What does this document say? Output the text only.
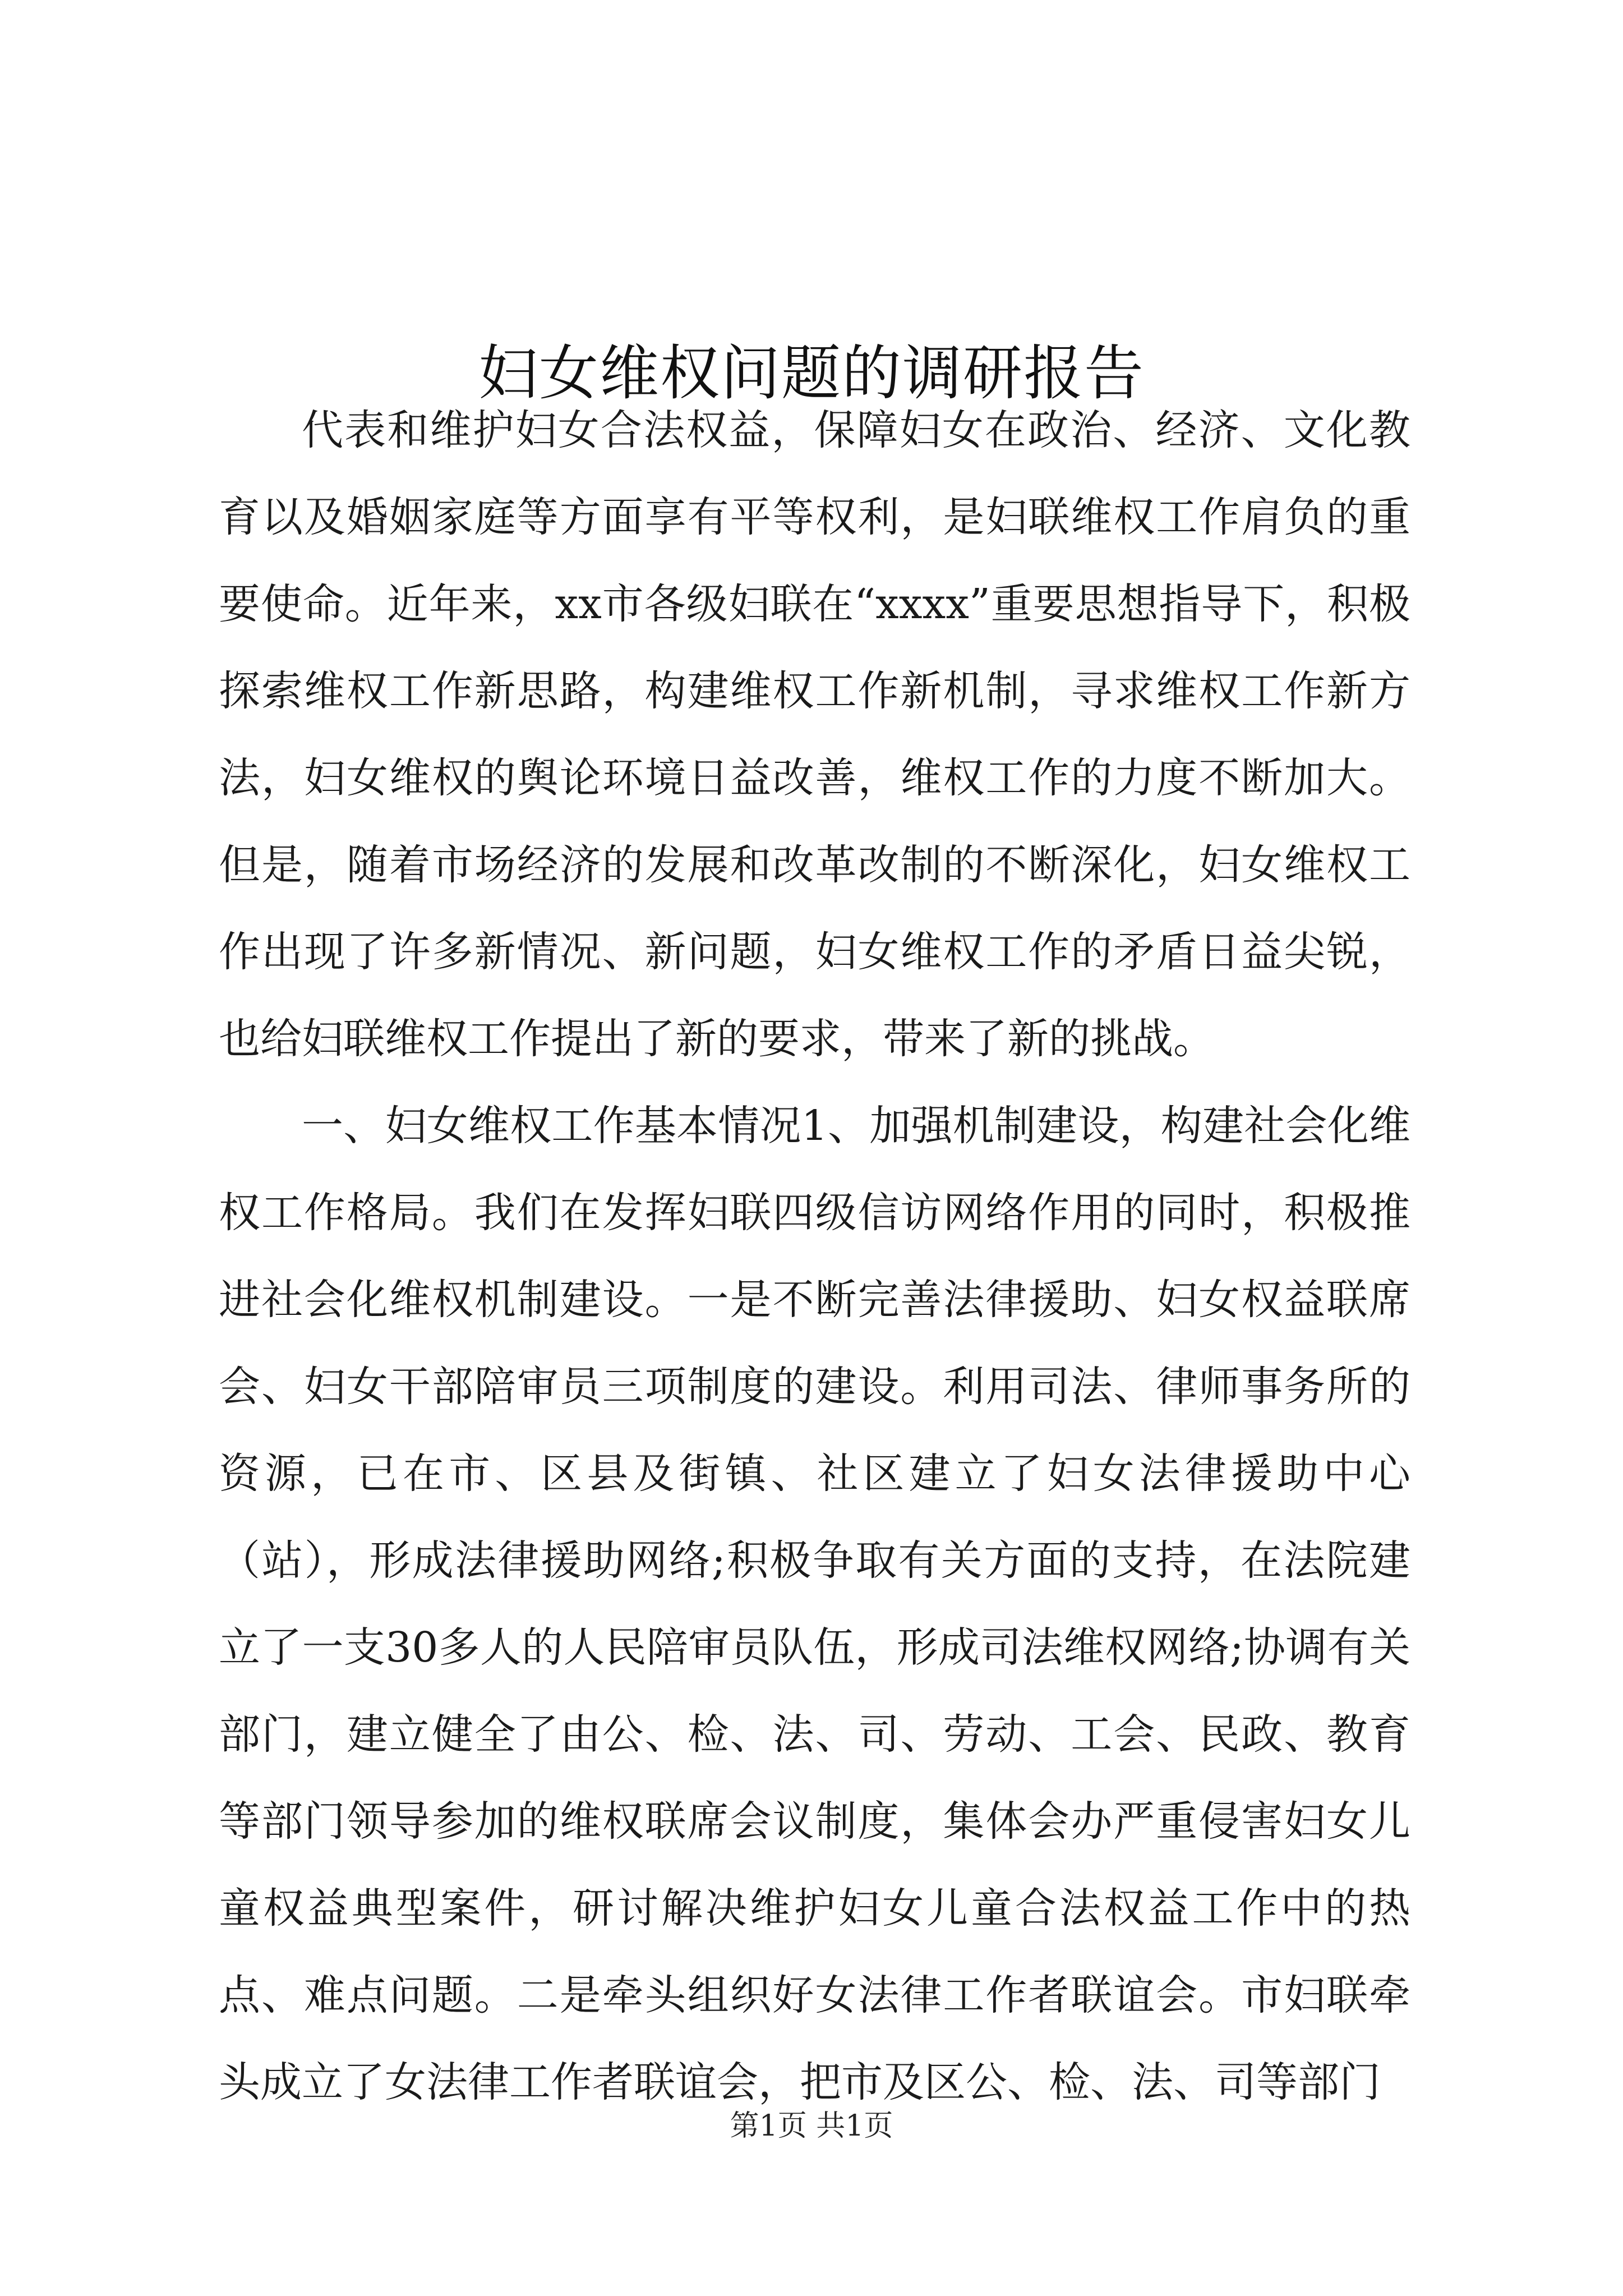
妇女维权问题的调研报告

代表和维护妇女合法权益，保障妇女在政治、经济、文化教育以及婚姻家庭等方面享有平等权利，是妇联维权工作肩负的重要使命。近年来，xx市各级妇联在“xxxx”重要思想指导下，积极探索维权工作新思路，构建维权工作新机制，寻求维权工作新方法，妇女维权的舆论环境日益改善，维权工作的力度不断加大。但是，随着市场经济的发展和改革改制的不断深化，妇女维权工作出现了许多新情况、新问题，妇女维权工作的矛盾日益尖锐，也给妇联维权工作提出了新的要求，带来了新的挑战。

一、妇女维权工作基本情况1、加强机制建设，构建社会化维权工作格局。我们在发挥妇联四级信访网络作用的同时，积极推进社会化维权机制建设。一是不断完善法律援助、妇女权益联席会、妇女干部陪审员三项制度的建设。利用司法、律师事务所的资源，已在市、区县及街镇、社区建立了妇女法律援助中心（站），形成法律援助网络;积极争取有关方面的支持，在法院建立了一支30多人的人民陪审员队伍，形成司法维权网络;协调有关部门，建立健全了由公、检、法、司、劳动、工会、民政、教育等部门领导参加的维权联席会议制度，集体会办严重侵害妇女儿童权益典型案件，研讨解决维护妇女儿童合法权益工作中的热点、难点问题。二是牵头组织好女法律工作者联谊会。市妇联牵头成立了女法律工作者联谊会，把市及区公、检、法、司等部门

第1页 共1页
